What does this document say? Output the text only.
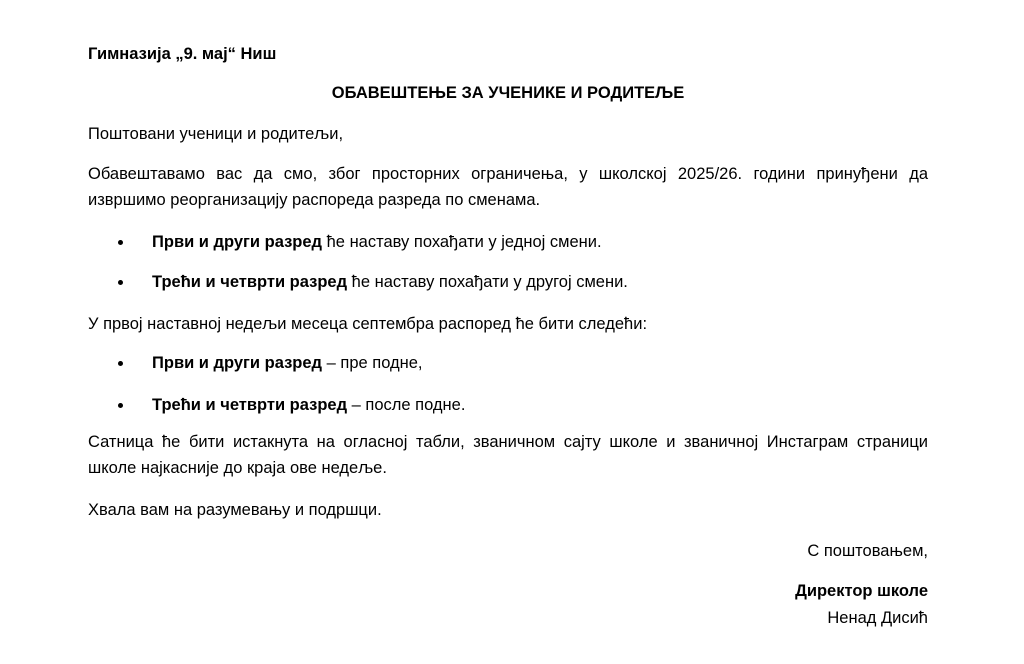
Гимназија „9. мај“ Ниш
ОБАВЕШТЕЊЕ ЗА УЧЕНИКЕ И РОДИТЕЉЕ
Поштовани ученици и родитељи,
Обавештавамо вас да смо, због просторних ограничења, у школској 2025/26. години принуђени да извршимо реорганизацију распореда разреда по сменама.
Први и други разред ће наставу похађати у једној смени.
Трећи и четврти разред ће наставу похађати у другој смени.
У првој наставној недељи месеца септембра распоред ће бити следећи:
Први и други разред – пре подне,
Трећи и четврти разред – после подне.
Сатница ће бити истакнута на огласној табли, званичном сајту школе и званичној Инстаграм страници школе најкасније до краја ове недеље.
Хвала вам на разумевању и подршци.
С поштовањем,
Директор школе
Ненад Дисић
